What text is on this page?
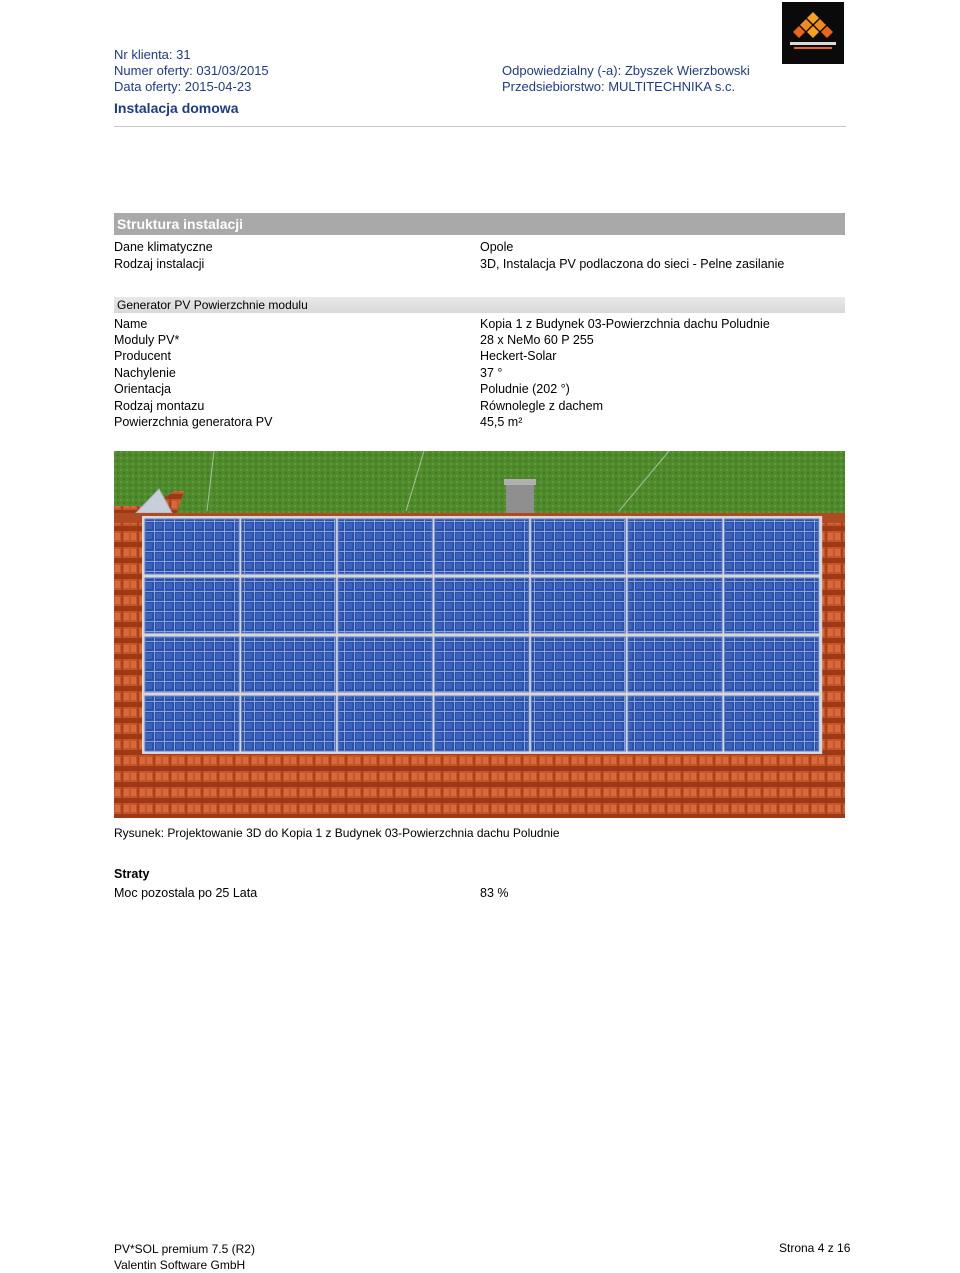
Nr klienta: 31
Numer oferty: 031/03/2015
Data oferty: 2015-04-23
Odpowiedzialny (-a): Zbyszek Wierzbowski
Przedsiebiorstwo: MULTITECHNIKA s.c.
Instalacja domowa
Struktura instalacji
Dane klimatyczne	Opole
Rodzaj instalacji	3D, Instalacja PV podlaczona do sieci - Pelne zasilanie
Generator PV Powierzchnie modulu
Name	Kopia 1 z Budynek 03-Powierzchnia dachu Poludnie
Moduly PV*	28 x NeMo 60 P 255
Producent	Heckert-Solar
Nachylenie	37 °
Orientacja	Poludnie (202 °)
Rodzaj montazu	Równolegle z dachem
Powierzchnia generatora PV	45,5 m²
Rysunek: Projektowanie 3D do Kopia 1 z Budynek 03-Powierzchnia dachu Poludnie
Straty
Moc pozostala po 25 Lata	83 %
PV*SOL premium 7.5 (R2)
Valentin Software GmbH
Strona 4 z 16
